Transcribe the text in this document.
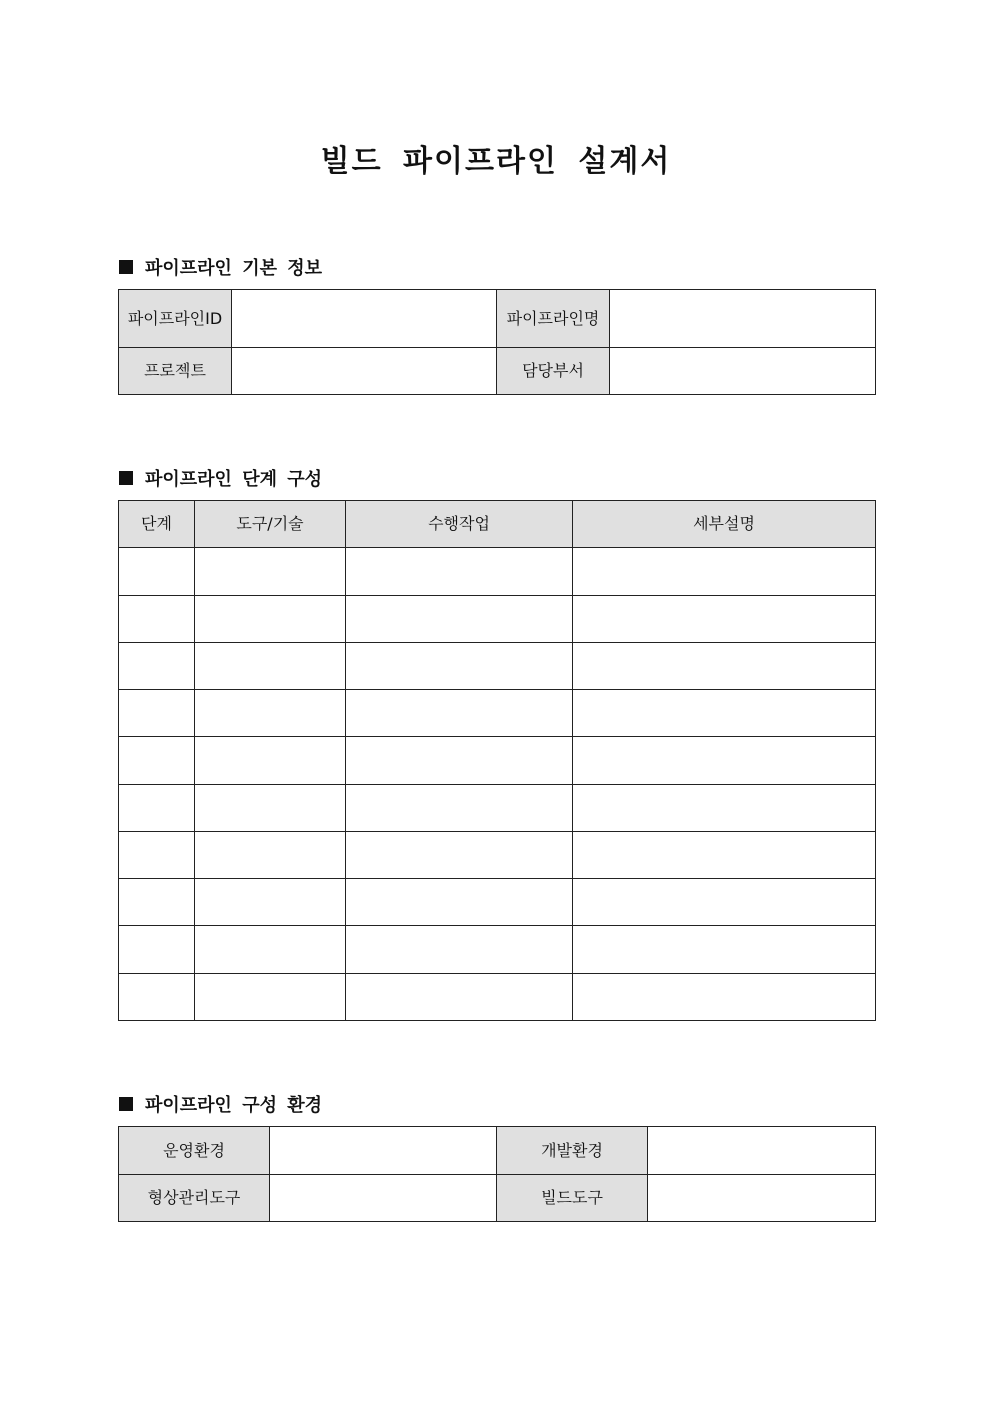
빌드 파이프라인 설계서
파이프라인 기본 정보
파이프라인ID		파이프라인명	
프로젝트		담당부서	
파이프라인 단계 구성
단계	도구/기술	수행작업	세부설명

파이프라인 구성 환경
운영환경		개발환경	
형상관리도구		빌드도구	
